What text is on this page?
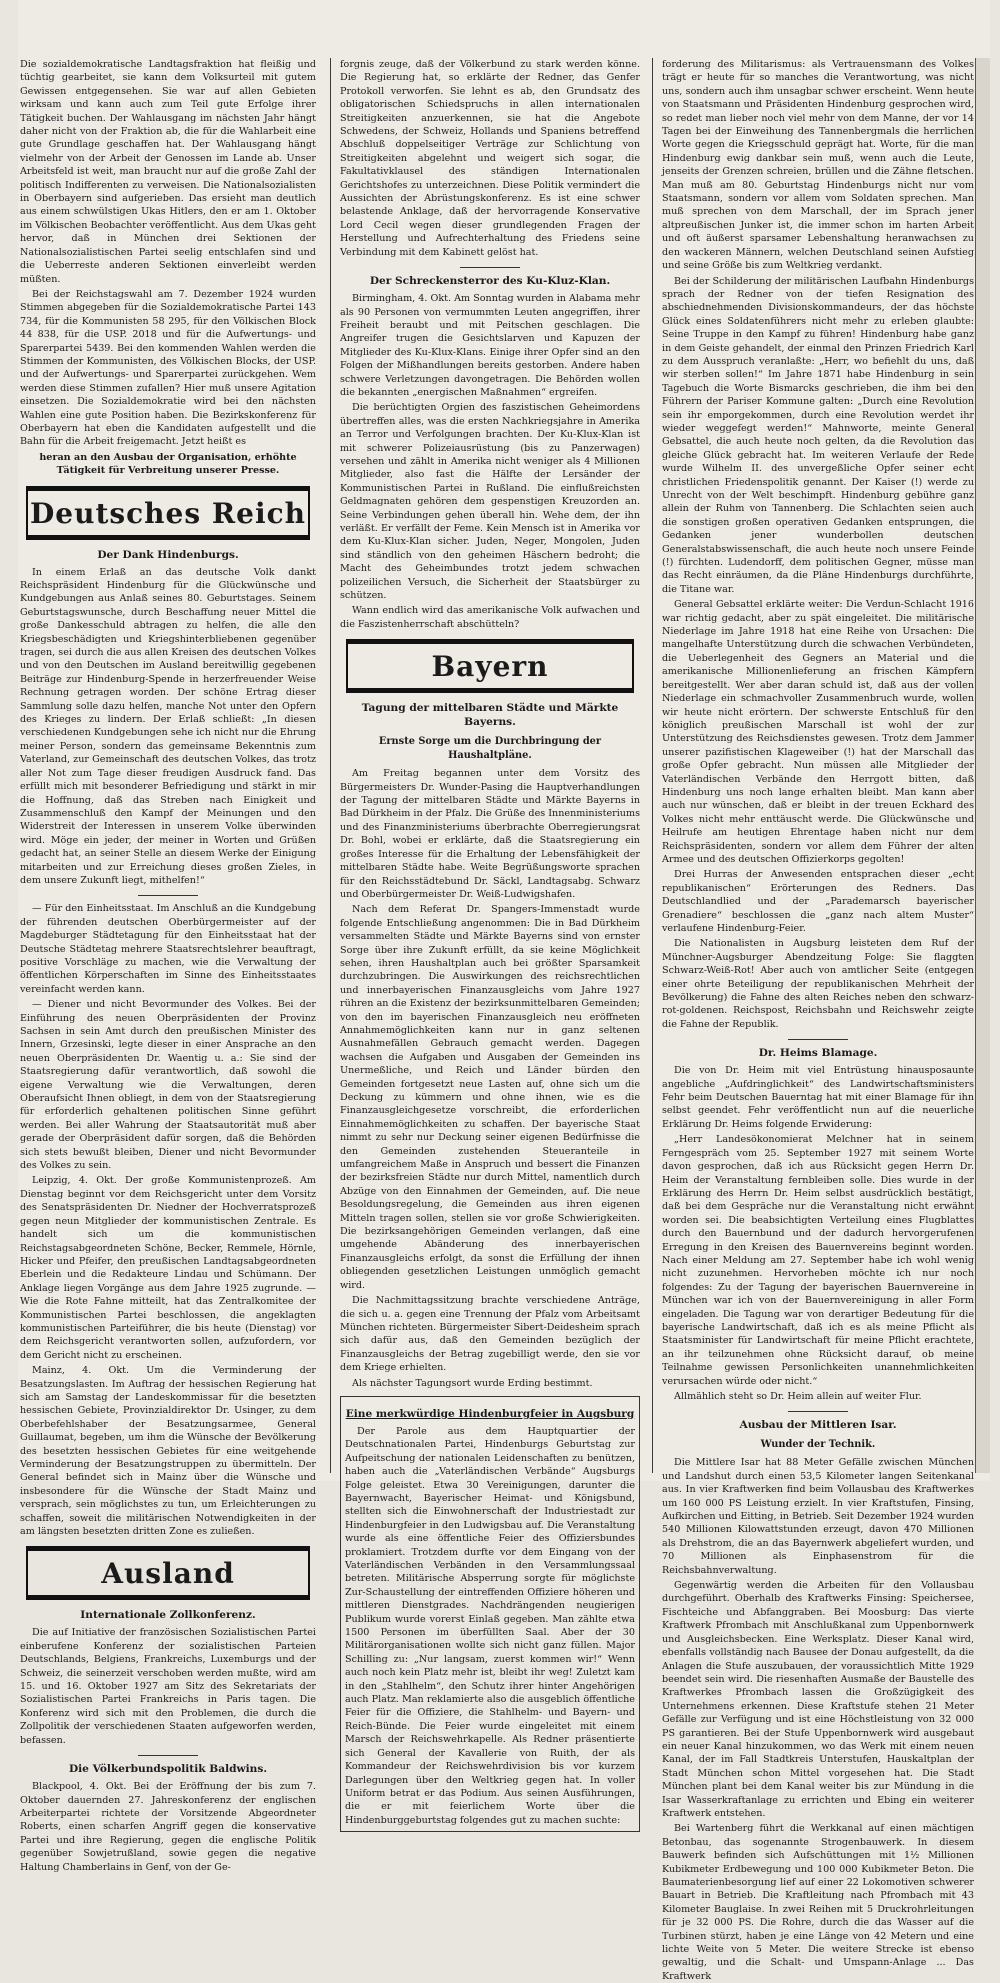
Die sozialdemokratische Landtagsfraktion hat fleißig und tüchtig gearbeitet, sie kann dem Volksurteil mit gutem Gewissen entgegensehen. Sie war auf allen Gebieten wirksam und kann auch zum Teil gute Erfolge ihrer Tätigkeit buchen. Der Wahlausgang im nächsten Jahr hängt daher nicht von der Fraktion ab, die für die Wahlarbeit eine gute Grundlage geschaffen hat. Der Wahlausgang hängt vielmehr von der Arbeit der Genossen im Lande ab. Unser Arbeitsfeld ist weit, man braucht nur auf die große Zahl der politisch Indifferenten zu verweisen. Die Nationalsozialisten in Oberbayern sind aufgerieben. Das ersieht man deutlich aus einem schwülstigen Ukas Hitlers, den er am 1. Oktober im Völkischen Beobachter veröffentlicht. Aus dem Ukas geht hervor, daß in München drei Sektionen der Nationalsozialistischen Partei seelig entschlafen sind und die Ueberreste anderen Sektionen einverleibt werden müßten.

Bei der Reichstagswahl am 7. Dezember 1924 wurden Stimmen abgegeben für die Sozialdemokratische Partei 143 734, für die Kommunisten 58 295, für den Völkischen Block 44 838, für die USP. 2018 und für die Aufwertungs- und Sparerpartei 5439. Bei den kommenden Wahlen werden die Stimmen der Kommunisten, des Völkischen Blocks, der USP. und der Aufwertungs- und Sparerpartei zurückgehen. Wem werden diese Stimmen zufallen? Hier muß unsere Agitation einsetzen. Die Sozialdemokratie wird bei den nächsten Wahlen eine gute Position haben. Die Bezirkskonferenz für Oberbayern hat eben die Kandidaten aufgestellt und die Bahn für die Arbeit freigemacht. Jetzt heißt es

heran an den Ausbau der Organisation, erhöhte Tätigkeit für Verbreitung unserer Presse.

Deutsches Reich
Der Dank Hindenburgs.

In einem Erlaß an das deutsche Volk dankt Reichspräsident Hindenburg für die Glückwünsche und Kundgebungen aus Anlaß seines 80. Geburtstages. Seinem Geburtstagswunsche, durch Beschaffung neuer Mittel die große Dankesschuld abtragen zu helfen, die alle den Kriegsbeschädigten und Kriegshinterbliebenen gegenüber tragen, sei durch die aus allen Kreisen des deutschen Volkes und von den Deutschen im Ausland bereitwillig gegebenen Beiträge zur Hindenburg-Spende in herzerfreuender Weise Rechnung getragen worden. Der schöne Ertrag dieser Sammlung solle dazu helfen, manche Not unter den Opfern des Krieges zu lindern. Der Erlaß schließt: „In diesen verschiedenen Kundgebungen sehe ich nicht nur die Ehrung meiner Person, sondern das gemeinsame Bekenntnis zum Vaterland, zur Gemeinschaft des deutschen Volkes, das trotz aller Not zum Tage dieser freudigen Ausdruck fand. Das erfüllt mich mit besonderer Befriedigung und stärkt in mir die Hoffnung, daß das Streben nach Einigkeit und Zusammenschluß den Kampf der Meinungen und den Widerstreit der Interessen in unserem Volke überwinden wird. Möge ein jeder, der meiner in Worten und Grüßen gedacht hat, an seiner Stelle an diesem Werke der Einigung mitarbeiten und zur Erreichung dieses großen Zieles, in dem unsere Zukunft liegt, mithelfen!“

— Für den Einheitsstaat. Im Anschluß an die Kundgebung der führenden deutschen Oberbürgermeister auf der Magdeburger Städtetagung für den Einheitsstaat hat der Deutsche Städtetag mehrere Staatsrechtslehrer beauftragt, positive Vorschläge zu machen, wie die Verwaltung der öffentlichen Körperschaften im Sinne des Einheitsstaates vereinfacht werden kann.

— Diener und nicht Bevormunder des Volkes. Bei der Einführung des neuen Oberpräsidenten der Provinz Sachsen in sein Amt durch den preußischen Minister des Innern, Grzesinski, legte dieser in einer Ansprache an den neuen Oberpräsidenten Dr. Waentig u. a.: Sie sind der Staatsregierung dafür verantwortlich, daß sowohl die eigene Verwaltung wie die Verwaltungen, deren Oberaufsicht Ihnen obliegt, in dem von der Staatsregierung für erforderlich gehaltenen politischen Sinne geführt werden. Bei aller Wahrung der Staatsautorität muß aber gerade der Oberpräsident dafür sorgen, daß die Behörden sich stets bewußt bleiben, Diener und nicht Bevormunder des Volkes zu sein.

Leipzig, 4. Okt. Der große Kommunistenprozeß. Am Dienstag beginnt vor dem Reichsgericht unter dem Vorsitz des Senatspräsidenten Dr. Niedner der Hochverratsprozeß gegen neun Mitglieder der kommunistischen Zentrale. Es handelt sich um die kommunistischen Reichstagsabgeordneten Schöne, Becker, Remmele, Hörnle, Hicker und Pfeifer, den preußischen Landtagsabgeordneten Eberlein und die Redakteure Lindau und Schümann. Der Anklage liegen Vorgänge aus dem Jahre 1925 zugrunde. — Wie die Rote Fahne mitteilt, hat das Zentralkomitee der Kommunistischen Partei beschlossen, die angeklagten kommunistischen Parteiführer, die bis heute (Dienstag) vor dem Reichsgericht verantworten sollen, aufzufordern, vor dem Gericht nicht zu erscheinen.

Mainz, 4. Okt. Um die Verminderung der Besatzungslasten. Im Auftrag der hessischen Regierung hat sich am Samstag der Landeskommissar für die besetzten hessischen Gebiete, Provinzialdirektor Dr. Usinger, zu dem Oberbefehlshaber der Besatzungsarmee, General Guillaumat, begeben, um ihm die Wünsche der Bevölkerung des besetzten hessischen Gebietes für eine weitgehende Verminderung der Besatzungstruppen zu übermitteln. Der General befindet sich in Mainz über die Wünsche und insbesondere für die Wünsche der Stadt Mainz und versprach, sein möglichstes zu tun, um Erleichterungen zu schaffen, soweit die militärischen Notwendigkeiten in der am längsten besetzten dritten Zone es zuließen.

Ausland
Internationale Zollkonferenz.

Die auf Initiative der französischen Sozialistischen Partei einberufene Konferenz der sozialistischen Parteien Deutschlands, Belgiens, Frankreichs, Luxemburgs und der Schweiz, die seinerzeit verschoben werden mußte, wird am 15. und 16. Oktober 1927 am Sitz des Sekretariats der Sozialistischen Partei Frankreichs in Paris tagen. Die Konferenz wird sich mit den Problemen, die durch die Zollpolitik der verschiedenen Staaten aufgeworfen werden, befassen.

Die Völkerbundspolitik Baldwins.

Blackpool, 4. Okt. Bei der Eröffnung der bis zum 7. Oktober dauernden 27. Jahreskonferenz der englischen Arbeiterpartei richtete der Vorsitzende Abgeordneter Roberts, einen scharfen Angriff gegen die konservative Partei und ihre Regierung, gegen die englische Politik gegenüber Sowjetrußland, sowie gegen die negative Haltung Chamberlains in Genf, von der Ge-

forgnis zeuge, daß der Völkerbund zu stark werden könne. Die Regierung hat, so erklärte der Redner, das Genfer Protokoll verworfen. Sie lehnt es ab, den Grundsatz des obligatorischen Schiedspruchs in allen internationalen Streitigkeiten anzuerkennen, sie hat die Angebote Schwedens, der Schweiz, Hollands und Spaniens betreffend Abschluß doppelseitiger Verträge zur Schlichtung von Streitigkeiten abgelehnt und weigert sich sogar, die Fakultativklausel des ständigen Internationalen Gerichtshofes zu unterzeichnen. Diese Politik vermindert die Aussichten der Abrüstungskonferenz. Es ist eine schwer belastende Anklage, daß der hervorragende Konservative Lord Cecil wegen dieser grundlegenden Fragen der Herstellung und Aufrechterhaltung des Friedens seine Verbindung mit dem Kabinett gelöst hat.

Der Schreckensterror des Ku-Kluz-Klan.

Birmingham, 4. Okt. Am Sonntag wurden in Alabama mehr als 90 Personen von vermummten Leuten angegriffen, ihrer Freiheit beraubt und mit Peitschen geschlagen. Die Angreifer trugen die Gesichtslarven und Kapuzen der Mitglieder des Ku-Klux-Klans. Einige ihrer Opfer sind an den Folgen der Mißhandlungen bereits gestorben. Andere haben schwere Verletzungen davongetragen. Die Behörden wollen die bekannten „energischen Maßnahmen“ ergreifen.

Die berüchtigten Orgien des faszistischen Geheimordens übertreffen alles, was die ersten Nachkriegsjahre in Amerika an Terror und Verfolgungen brachten. Der Ku-Klux-Klan ist mit schwerer Polizeiausrüstung (bis zu Panzerwagen) versehen und zählt in Amerika nicht weniger als 4 Millionen Mitglieder, also fast die Hälfte der Lersänder der Kommunistischen Partei in Rußland. Die einflußreichsten Geldmagnaten gehören dem gespenstigen Kreuzorden an. Seine Verbindungen gehen überall hin. Wehe dem, der ihn verläßt. Er verfällt der Feme. Kein Mensch ist in Amerika vor dem Ku-Klux-Klan sicher. Juden, Neger, Mongolen, Juden sind ständlich von den geheimen Häschern bedroht; die Macht des Geheimbundes trotzt jedem schwachen polizeilichen Versuch, die Sicherheit der Staatsbürger zu schützen.

Wann endlich wird das amerikanische Volk aufwachen und die Faszistenherrschaft abschütteln?

Bayern
Tagung der mittelbaren Städte und Märkte Bayerns.
Ernste Sorge um die Durchbringung der Haushaltpläne.

Am Freitag begannen unter dem Vorsitz des Bürgermeisters Dr. Wunder-Pasing die Hauptverhandlungen der Tagung der mittelbaren Städte und Märkte Bayerns in Bad Dürkheim in der Pfalz. Die Grüße des Innenministeriums und des Finanzministeriums überbrachte Oberregierungsrat Dr. Bohl, wobei er erklärte, daß die Staatsregierung ein großes Interesse für die Erhaltung der Lebensfähigkeit der mittelbaren Städte habe. Weite Begrüßungsworte sprachen für den Reichsstädtebund Dr. Säckl, Landtagsabg. Schwarz und Oberbürgermeister Dr. Weiß-Ludwigshafen.

Nach dem Referat Dr. Spangers-Immenstadt wurde folgende Entschließung angenommen: Die in Bad Dürkheim versammelten Städte und Märkte Bayerns sind von ernster Sorge über ihre Zukunft erfüllt, da sie keine Möglichkeit sehen, ihren Haushaltplan auch bei größter Sparsamkeit durchzubringen. Die Auswirkungen des reichsrechtlichen und innerbayerischen Finanzausgleichs vom Jahre 1927 rühren an die Existenz der bezirksunmittelbaren Gemeinden; von den im bayerischen Finanzausgleich neu eröffneten Annahmemöglichkeiten kann nur in ganz seltenen Ausnahmefällen Gebrauch gemacht werden. Dagegen wachsen die Aufgaben und Ausgaben der Gemeinden ins Unermeßliche, und Reich und Länder bürden den Gemeinden fortgesetzt neue Lasten auf, ohne sich um die Deckung zu kümmern und ohne ihnen, wie es die Finanzausgleichgesetze vorschreibt, die erforderlichen Einnahmemöglichkeiten zu schaffen. Der bayerische Staat nimmt zu sehr nur Deckung seiner eigenen Bedürfnisse die den Gemeinden zustehenden Steueranteile in umfangreichem Maße in Anspruch und bessert die Finanzen der bezirksfreien Städte nur durch Mittel, namentlich durch Abzüge von den Einnahmen der Gemeinden, auf. Die neue Besoldungsregelung, die Gemeinden aus ihren eigenen Mitteln tragen sollen, stellen sie vor große Schwierigkeiten. Die bezirksangehörigen Gemeinden verlangen, daß eine umgehende Abänderung des innerbayerischen Finanzausgleichs erfolgt, da sonst die Erfüllung der ihnen obliegenden gesetzlichen Leistungen unmöglich gemacht wird.

Die Nachmittagssitzung brachte verschiedene Anträge, die sich u. a. gegen eine Trennung der Pfalz vom Arbeitsamt München richteten. Bürgermeister Sibert-Deidesheim sprach sich dafür aus, daß den Gemeinden bezüglich der Finanzausgleichs der Betrag zugebilligt werde, den sie vor dem Kriege erhielten.

Als nächster Tagungsort wurde Erding bestimmt.

Eine merkwürdige Hindenburgfeier in Augsburg

Der Parole aus dem Hauptquartier der Deutschnationalen Partei, Hindenburgs Geburtstag zur Aufpeitschung der nationalen Leidenschaften zu benützen, haben auch die „Vaterländischen Verbände“ Augsburgs Folge geleistet. Etwa 30 Vereinigungen, darunter die Bayernwacht, Bayerischer Heimat- und Königsbund, stellten sich die Einwohnerschaft der Industriestadt zur Hindenburgfeier in den Ludwigsbau auf. Die Veranstaltung wurde als eine öffentliche Feier des Offiziersbundes proklamiert. Trotzdem durfte vor dem Eingang von der Vaterländischen Verbänden in den Versammlungssaal betreten. Militärische Absperrung sorgte für möglichste Zur-Schaustellung der eintreffenden Offiziere höheren und mittleren Dienstgrades. Nachdrängenden neugierigen Publikum wurde vorerst Einlaß gegeben. Man zählte etwa 1500 Personen im überfüllten Saal. Aber der 30 Militärorganisationen wollte sich nicht ganz füllen. Major Schilling zu: „Nur langsam, zuerst kommen wir!“ Wenn auch noch kein Platz mehr ist, bleibt ihr weg! Zuletzt kam in den „Stahlhelm“, den Schutz ihrer hinter Angehörigen auch Platz. Man reklamierte also die ausgeblich öffentliche Feier für die Offiziere, die Stahlhelm- und Bayern- und Reich-Bünde. Die Feier wurde eingeleitet mit einem Marsch der Reichswehrkapelle. Als Redner präsentierte sich General der Kavallerie von Ruith, der als Kommandeur der Reichswehrdivision bis vor kurzem Darlegungen über den Weltkrieg gegen hat. In voller Uniform betrat er das Podium. Aus seinen Ausführungen, die er mit feierlichem Worte über die Hindenburggeburtstag folgendes gut zu machen suchte:

forderung des Militarismus: als Vertrauensmann des Volkes trägt er heute für so manches die Verantwortung, was nicht uns, sondern auch ihm unsagbar schwer erscheint. Wenn heute von Staatsmann und Präsidenten Hindenburg gesprochen wird, so redet man lieber noch viel mehr von dem Manne, der vor 14 Tagen bei der Einweihung des Tannenbergmals die herrlichen Worte gegen die Kriegsschuld geprägt hat. Worte, für die man Hindenburg ewig dankbar sein muß, wenn auch die Leute, jenseits der Grenzen schreien, brüllen und die Zähne fletschen. Man muß am 80. Geburtstag Hindenburgs nicht nur vom Staatsmann, sondern vor allem vom Soldaten sprechen. Man muß sprechen von dem Marschall, der im Sprach jener altpreußischen Junker ist, die immer schon im harten Arbeit und oft äußerst sparsamer Lebenshaltung heranwachsen zu den wackeren Männern, welchen Deutschland seinen Aufstieg und seine Größe bis zum Weltkrieg verdankt.

Bei der Schilderung der militärischen Laufbahn Hindenburgs sprach der Redner von der tiefen Resignation des abschiednehmenden Divisionskommandeurs, der das höchste Glück eines Soldatenführers nicht mehr zu erleben glaubte: Seine Truppe in den Kampf zu führen! Hindenburg habe ganz in dem Geiste gehandelt, der einmal den Prinzen Friedrich Karl zu dem Ausspruch veranlaßte: „Herr, wo befiehlt du uns, daß wir sterben sollen!“ Im Jahre 1871 habe Hindenburg in sein Tagebuch die Worte Bismarcks geschrieben, die ihm bei den Führern der Pariser Kommune galten: „Durch eine Revolution sein ihr emporgekommen, durch eine Revolution werdet ihr wieder weggefegt werden!“ Mahnworte, meinte General Gebsattel, die auch heute noch gelten, da die Revolution das gleiche Glück gebracht hat. Im weiteren Verlaufe der Rede wurde Wilhelm II. des unvergeßliche Opfer seiner echt christlichen Friedenspolitik genannt. Der Kaiser (!) werde zu Unrecht von der Welt beschimpft. Hindenburg gebühre ganz allein der Ruhm von Tannenberg. Die Schlachten seien auch die sonstigen großen operativen Gedanken entsprungen, die Gedanken jener wunderbollen deutschen Generalstabswissenschaft, die auch heute noch unsere Feinde (!) fürchten. Ludendorff, dem politischen Gegner, müsse man das Recht einräumen, da die Pläne Hindenburgs durchführte, die Titane war.

General Gebsattel erklärte weiter: Die Verdun-Schlacht 1916 war richtig gedacht, aber zu spät eingeleitet. Die militärische Niederlage im Jahre 1918 hat eine Reihe von Ursachen: Die mangelhafte Unterstützung durch die schwachen Verbündeten, die Ueberlegenheit des Gegners an Material und die amerikanische Millionenlieferung an frischen Kämpfern bereitgestellt. Wer aber daran schuld ist, daß aus der vollen Niederlage ein schmachvoller Zusammenbruch wurde, wollen wir heute nicht erörtern. Der schwerste Entschluß für den königlich preußischen Marschall ist wohl der zur Unterstützung des Reichsdienstes gewesen. Trotz dem Jammer unserer pazifistischen Klageweiber (!) hat der Marschall das große Opfer gebracht. Nun müssen alle Mitglieder der Vaterländischen Verbände den Herrgott bitten, daß Hindenburg uns noch lange erhalten bleibt. Man kann aber auch nur wünschen, daß er bleibt in der treuen Eckhard des Volkes nicht mehr enttäuscht werde. Die Glückwünsche und Heilrufe am heutigen Ehrentage haben nicht nur dem Reichspräsidenten, sondern vor allem dem Führer der alten Armee und des deutschen Offizierkorps gegolten!

Drei Hurras der Anwesenden entsprachen dieser „echt republikanischen“ Erörterungen des Redners. Das Deutschlandlied und der „Parademarsch bayerischer Grenadiere“ beschlossen die „ganz nach altem Muster“ verlaufene Hindenburg-Feier.

Die Nationalisten in Augsburg leisteten dem Ruf der Münchner-Augsburger Abendzeitung Folge: Sie flaggten Schwarz-Weiß-Rot! Aber auch von amtlicher Seite (entgegen einer ohrte Beteiligung der republikanischen Mehrheit der Bevölkerung) die Fahne des alten Reiches neben den schwarz-rot-goldenen. Reichspost, Reichsbahn und Reichswehr zeigte die Fahne der Republik.

Dr. Heims Blamage.

Die von Dr. Heim mit viel Entrüstung hinausposaunte angebliche „Aufdringlichkeit“ des Landwirtschaftsministers Fehr beim Deutschen Bauerntag hat mit einer Blamage für ihn selbst geendet. Fehr veröffentlicht nun auf die neuerliche Erklärung Dr. Heims folgende Erwiderung:

„Herr Landesökonomierat Melchner hat in seinem Ferngespräch vom 25. September 1927 mit seinem Worte davon gesprochen, daß ich aus Rücksicht gegen Herrn Dr. Heim der Veranstaltung fernbleiben solle. Dies wurde in der Erklärung des Herrn Dr. Heim selbst ausdrücklich bestätigt, daß bei dem Gespräche nur die Veranstaltung nicht erwähnt worden sei. Die beabsichtigten Verteilung eines Flugblattes durch den Bauernbund und der dadurch hervorgerufenen Erregung in den Kreisen des Bauernvereins beginnt worden. Nach einer Meldung am 27. September habe ich wohl wenig nicht zuzunehmen. Hervorheben möchte ich nur noch folgendes: Zu der Tagung der bayerischen Bauernvereine in München war ich von der Bauernvereinigung in aller Form eingeladen. Die Tagung war von derartiger Bedeutung für die bayerische Landwirtschaft, daß ich es als meine Pflicht als Staatsminister für Landwirtschaft für meine Pflicht erachtete, an ihr teilzunehmen ohne Rücksicht darauf, ob meine Teilnahme gewissen Personlichkeiten unannehmlichkeiten verursachen würde oder nicht.“

Allmählich steht so Dr. Heim allein auf weiter Flur.

Ausbau der Mittleren Isar.
Wunder der Technik.

Die Mittlere Isar hat 88 Meter Gefälle zwischen München und Landshut durch einen 53,5 Kilometer langen Seitenkanal aus. In vier Kraftwerken find beim Vollausbau des Kraftwerkes um 160 000 PS Leistung erzielt. In vier Kraftstufen, Finsing, Aufkirchen und Eitting, in Betrieb. Seit Dezember 1924 wurden 540 Millionen Kilowattstunden erzeugt, davon 470 Millionen als Drehstrom, die an das Bayernwerk abgeliefert wurden, und 70 Millionen als Einphasenstrom für die Reichsbahnverwaltung.

Gegenwärtig werden die Arbeiten für den Vollausbau durchgeführt. Oberhalb des Kraftwerks Finsing: Speichersee, Fischteiche und Abfanggraben. Bei Moosburg: Das vierte Kraftwerk Pfrombach mit Anschlußkanal zum Uppenbornwerk und Ausgleichsbecken. Eine Werksplatz. Dieser Kanal wird, ebenfalls vollständig nach Bausee der Donau aufgestellt, da die Anlagen die Stufe auszubauen, der voraussichtlich Mitte 1929 beendet sein wird. Die riesenhaften Ausmaße der Baustelle des Kraftwerkes Pfrombach lassen die Großzügigkeit des Unternehmens erkennen. Diese Kraftstufe stehen 21 Meter Gefälle zur Verfügung und ist eine Höchstleistung von 32 000 PS garantieren. Bei der Stufe Uppenbornwerk wird ausgebaut ein neuer Kanal hinzukommen, wo das Werk mit einem neuen Kanal, der im Fall Stadtkreis Unterstufen, Hauskaltplan der Stadt München schon Mittel vorgesehen hat. Die Stadt München plant bei dem Kanal weiter bis zur Mündung in die Isar Wasserkraftanlage zu errichten und Ebing ein weiterer Kraftwerk entstehen.

Bei Wartenberg führt die Werkkanal auf einen mächtigen Betonbau, das sogenannte Strogenbauwerk. In diesem Bauwerk befinden sich Aufschüttungen mit 1½ Millionen Kubikmeter Erdbewegung und 100 000 Kubikmeter Beton. Die Baumaterienbesorgung lief auf einer 22 Lokomotiven schwerer Bauart in Betrieb. Die Kraftleitung nach Pfrombach mit 43 Kilometer Bauglaise. In zwei Reihen mit 5 Druckrohrleitungen für je 32 000 PS. Die Rohre, durch die das Wasser auf die Turbinen stürzt, haben je eine Länge von 42 Metern und eine lichte Weite von 5 Meter. Die weitere Strecke ist ebenso gewaltig, und die Schalt- und Umspann-Anlage ... Das Kraftwerk
